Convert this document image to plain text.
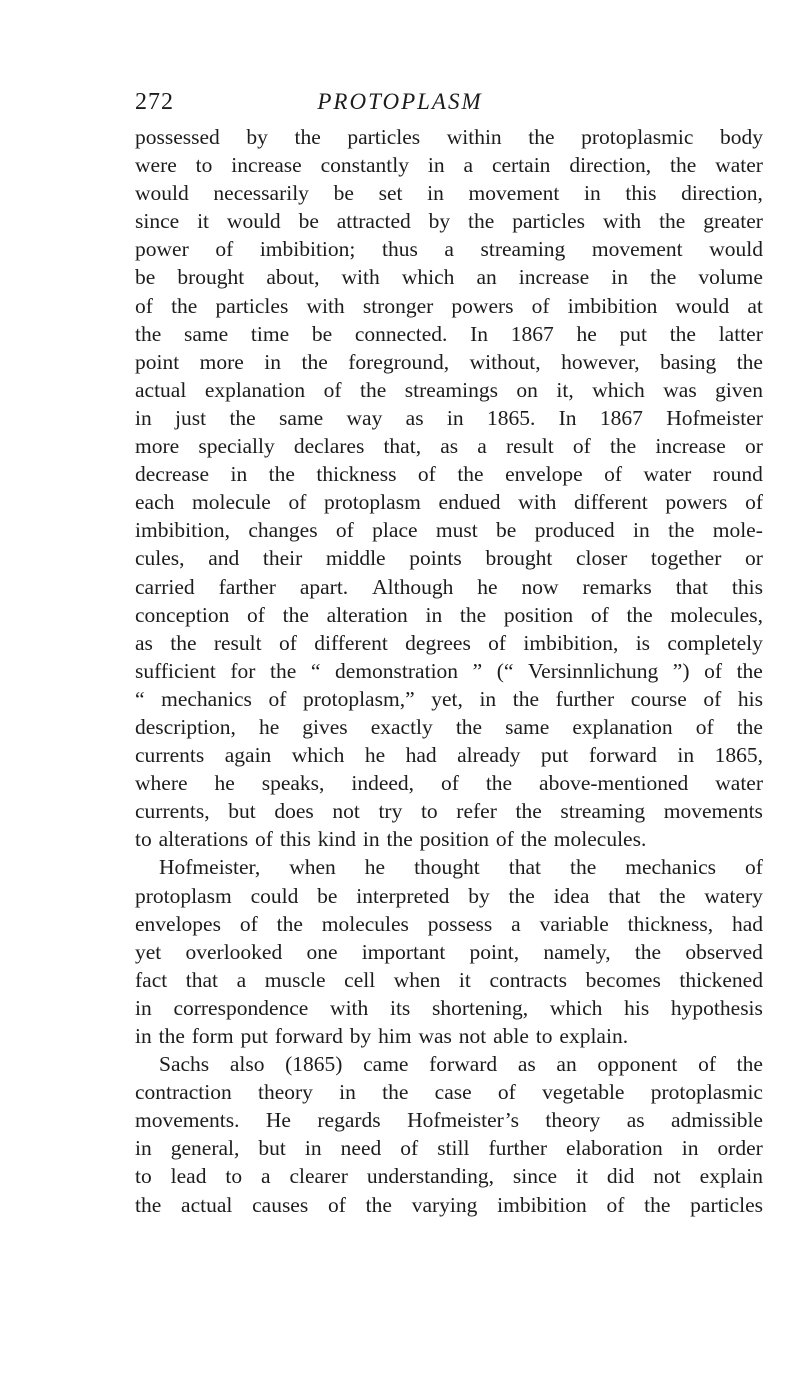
272	PROTOPLASM
possessed by the particles within the protoplasmic body
were to increase constantly in a certain direction, the water
would necessarily be set in movement in this direction,
since it would be attracted by the particles with the greater
power of imbibition; thus a streaming movement would
be brought about, with which an increase in the volume
of the particles with stronger powers of imbibition would at
the same time be connected. In 1867 he put the latter
point more in the foreground, without, however, basing the
actual explanation of the streamings on it, which was given
in just the same way as in 1865. In 1867 Hofmeister
more specially declares that, as a result of the increase or
decrease in the thickness of the envelope of water round
each molecule of protoplasm endued with different powers of
imbibition, changes of place must be produced in the mole-
cules, and their middle points brought closer together or
carried farther apart. Although he now remarks that this
conception of the alteration in the position of the molecules,
as the result of different degrees of imbibition, is completely
sufficient for the “ demonstration ” (“ Versinnlichung ”) of the
“ mechanics of protoplasm,” yet, in the further course of his
description, he gives exactly the same explanation of the
currents again which he had already put forward in 1865,
where he speaks, indeed, of the above-mentioned water
currents, but does not try to refer the streaming movements
to alterations of this kind in the position of the molecules.
Hofmeister, when he thought that the mechanics of
protoplasm could be interpreted by the idea that the watery
envelopes of the molecules possess a variable thickness, had
yet overlooked one important point, namely, the observed
fact that a muscle cell when it contracts becomes thickened
in correspondence with its shortening, which his hypothesis
in the form put forward by him was not able to explain.
Sachs also (1865) came forward as an opponent of the
contraction theory in the case of vegetable protoplasmic
movements. He regards Hofmeister’s theory as admissible
in general, but in need of still further elaboration in order
to lead to a clearer understanding, since it did not explain
the actual causes of the varying imbibition of the particles
